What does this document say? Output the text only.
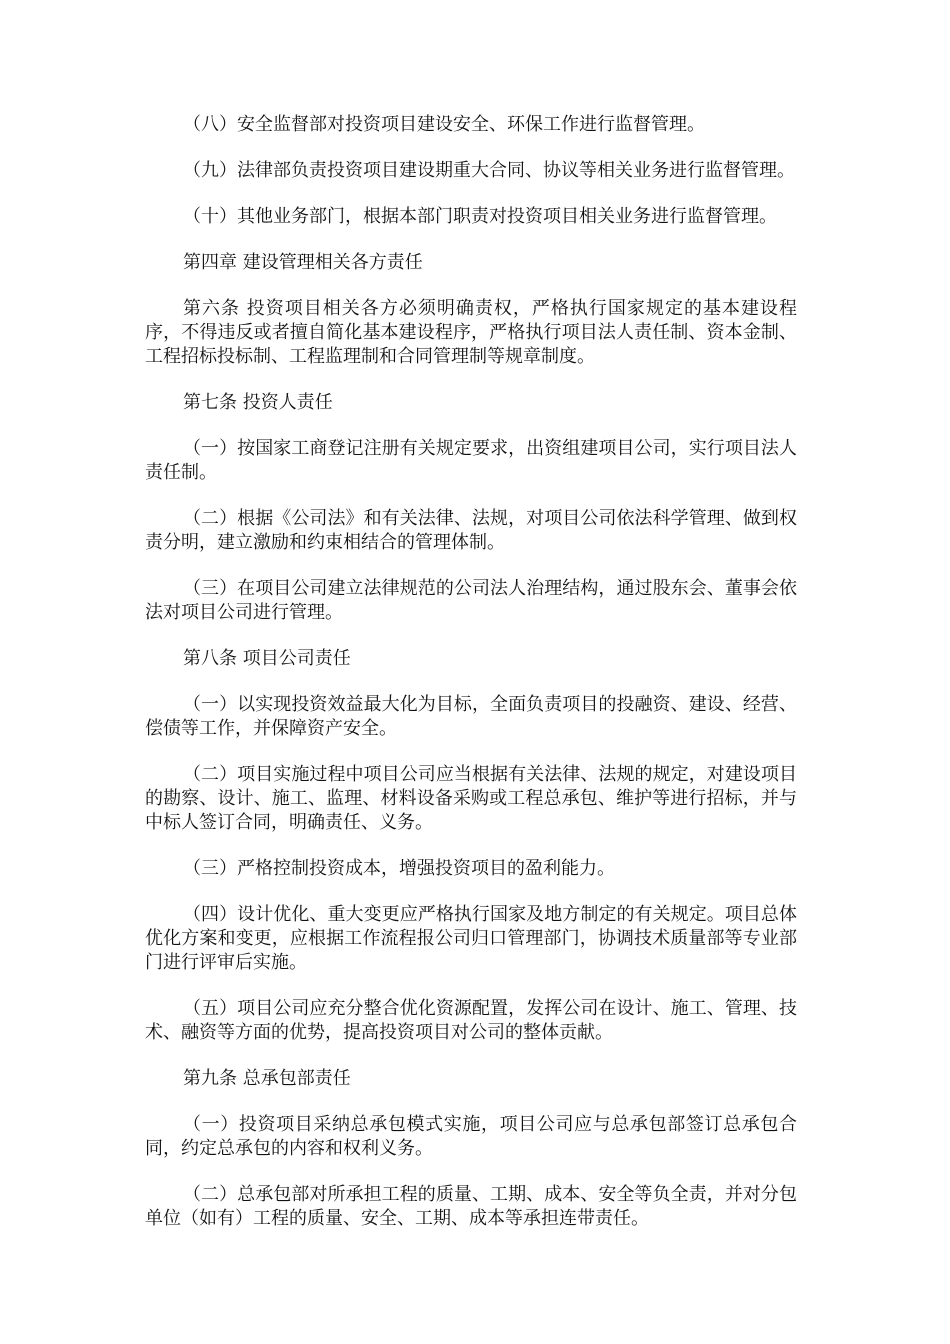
（八）安全监督部对投资项目建设安全、环保工作进行监督管理。

（九）法律部负责投资项目建设期重大合同、协议等相关业务进行监督管理。

（十）其他业务部门，根据本部门职责对投资项目相关业务进行监督管理。

第四章 建设管理相关各方责任

第六条 投资项目相关各方必须明确责权，严格执行国家规定的基本建设程序，不得违反或者擅自简化基本建设程序，严格执行项目法人责任制、资本金制、工程招标投标制、工程监理制和合同管理制等规章制度。

第七条 投资人责任

（一）按国家工商登记注册有关规定要求，出资组建项目公司，实行项目法人责任制。

（二）根据《公司法》和有关法律、法规，对项目公司依法科学管理、做到权责分明，建立激励和约束相结合的管理体制。

（三）在项目公司建立法律规范的公司法人治理结构，通过股东会、董事会依法对项目公司进行管理。

第八条 项目公司责任

（一）以实现投资效益最大化为目标，全面负责项目的投融资、建设、经营、偿债等工作，并保障资产安全。

（二）项目实施过程中项目公司应当根据有关法律、法规的规定，对建设项目的勘察、设计、施工、监理、材料设备采购或工程总承包、维护等进行招标，并与中标人签订合同，明确责任、义务。

（三）严格控制投资成本，增强投资项目的盈利能力。

（四）设计优化、重大变更应严格执行国家及地方制定的有关规定。项目总体优化方案和变更，应根据工作流程报公司归口管理部门，协调技术质量部等专业部门进行评审后实施。

（五）项目公司应充分整合优化资源配置，发挥公司在设计、施工、管理、技术、融资等方面的优势，提高投资项目对公司的整体贡献。

第九条 总承包部责任

（一）投资项目采纳总承包模式实施，项目公司应与总承包部签订总承包合同，约定总承包的内容和权利义务。

（二）总承包部对所承担工程的质量、工期、成本、安全等负全责，并对分包单位（如有）工程的质量、安全、工期、成本等承担连带责任。
